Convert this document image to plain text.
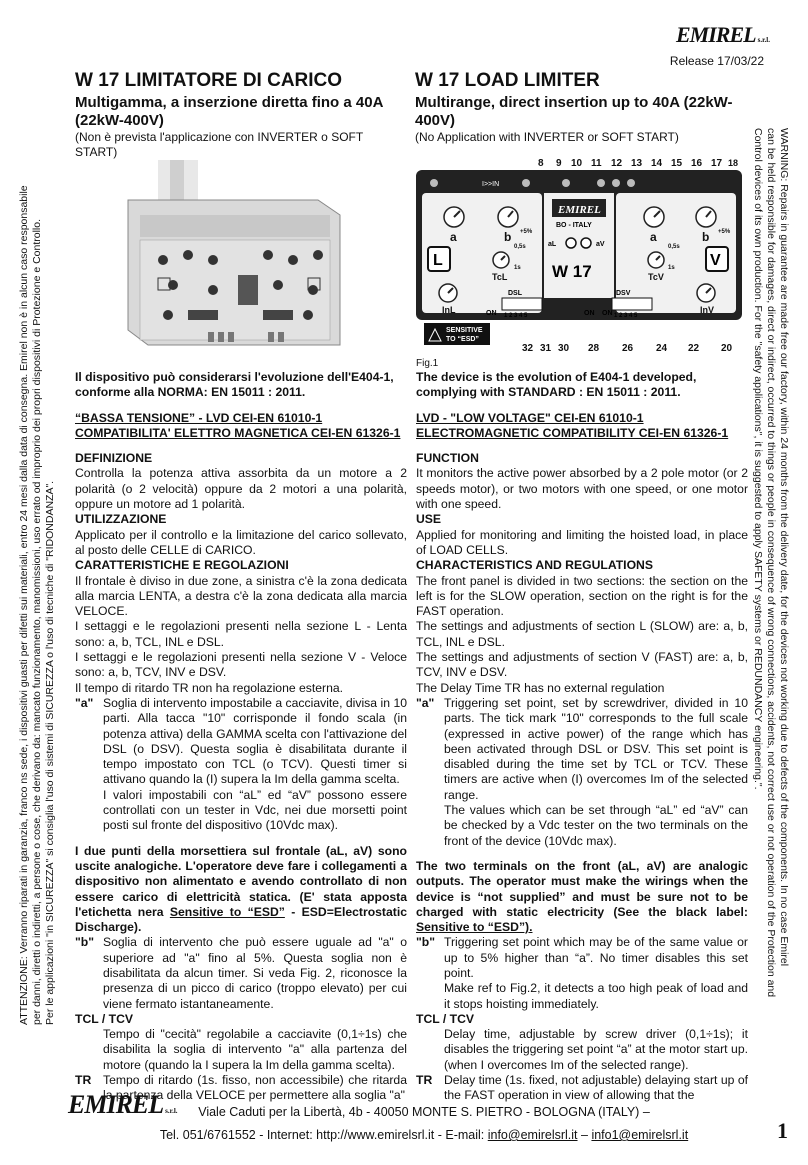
EMIREL s.r.l.
Release 17/03/22
W 17 LIMITATORE DI CARICO
Multigamma, a inserzione diretta fino a 40A (22kW-400V)
(Non è prevista l'applicazione con INVERTER o SOFT START)
W 17 LOAD LIMITER
Multirange, direct insertion up to 40A (22kW-400V)
(No Application with INVERTER or SOFT START)
8 9 10 11 12 13 14 15 16 17 18
I>>IN
a	b	a	b
TcL	TcV
InL	InV
+5%	+5%
0,5s	0,5s
1s	1s
L	V
EMIREL
BO - ITALY
aL	aV
W 17
DSL	DSV
ON	ON ON
1 2 3 4 5	1 2 3 4 5
SENSITIVE
TO “ESD”
32 31 30 28 26 24 22 20
Fig.1

Il dispositivo può considerarsi l'evoluzione dell'E404-1, conforme alla NORMA: EN 15011 : 2011.

“BASSA TENSIONE” - LVD CEI-EN 61010-1

COMPATIBILITA' ELETTRO MAGNETICA CEI-EN 61326-1

DEFINIZIONE

Controlla la potenza attiva assorbita da un motore a 2 polarità (o 2 velocità) oppure da 2 motori a una polarità, oppure un motore ad 1 polarità.

UTILIZZAZIONE

Applicato per il controllo e la limitazione del carico sollevato, al posto delle CELLE di CARICO.

CARATTERISTICHE E REGOLAZIONI

Il frontale è diviso in due zone, a sinistra c'è la zona dedicata alla marcia LENTA, a destra c'è la zona dedicata alla marcia VELOCE.

I settaggi e le regolazioni presenti nella sezione L - Lenta sono: a, b, TCL, INL e DSL.

I settaggi e le regolazioni presenti nella sezione V - Veloce sono: a, b, TCV, INV e DSV.

Il tempo di ritardo TR non ha regolazione esterna.

"a" Soglia di intervento impostabile a cacciavite, divisa in 10 parti. Alla tacca "10" corrisponde il fondo scala (in potenza attiva) della GAMMA scelta con l'attivazione del DSL (o DSV). Questa soglia è disabilitata durante il tempo impostato con TCL (o TCV). Questi timer si attivano quando la (I) supera la Im della gamma scelta.

I valori impostabili con “aL” ed “aV” possono essere controllati con un tester in Vdc, nei due morsetti point posti sul fronte del dispositivo (10Vdc max).

I due punti della morsettiera sul frontale (aL, aV) sono uscite analogiche. L'operatore deve fare i collegamenti a dispositivo non alimentato e avendo controllato di non essere carico di elettricità statica. (E' stata apposta l'etichetta nera Sensitive to “ESD” - ESD=Electrostatic Discharge).

"b" Soglia di intervento che può essere uguale ad "a" o superiore ad "a" fino al 5%. Questa soglia non è disabilitata da alcun timer. Si veda Fig. 2, riconosce la presenza di un picco di carico (troppo elevato) per cui viene fermato istantaneamente.

TCL / TCV

Tempo di "cecità" regolabile a cacciavite (0,1÷1s) che disabilita la soglia di intervento "a" alla partenza del motore (quando la I supera la Im della gamma scelta).

TR Tempo di ritardo (1s. fisso, non accessibile) che ritarda la partenza della VELOCE per permettere alla soglia "a"

The device is the evolution of E404-1 developed, complying with STANDARD : EN 15011 : 2011.

LVD - "LOW VOLTAGE" CEI-EN 61010-1

ELECTROMAGNETIC COMPATIBILITY CEI-EN 61326-1

FUNCTION

It monitors the active power absorbed by a 2 pole motor (or 2 speeds motor), or two motors with one speed, or one motor with one speed.

USE

Applied for monitoring and limiting the hoisted load, in place of LOAD CELLS.

CHARACTERISTICS AND REGULATIONS

The front panel is divided in two sections: the section on the left is for the SLOW operation, section on the right is for the FAST operation.

The settings and adjustments of section L (SLOW) are: a, b, TCL, INL e DSL.

The settings and adjustments of section V (FAST) are: a, b, TCV, INV e DSV.

The Delay Time TR has no external regulation

"a" Triggering set point, set by screwdriver, divided in 10 parts. The tick mark "10" corresponds to the full scale (expressed in active power) of the range which has been activated through DSL or DSV. This set point is disabled during the time set by TCL or TCV. These timers are active when (I) overcomes Im of the selected range.

The values which can be set through “aL” ed “aV” can be checked by a Vdc tester on the two terminals on the front of the device (10Vdc max).

The two terminals on the front (aL, aV) are analogic outputs. The operator must make the wirings when the device is “not supplied” and must be sure not to be charged with static electricity (See the black label: Sensitive to “ESD”).

"b" Triggering set point which may be of the same value or up to 5% higher than “a”. No timer disables this set point.

Make ref to Fig.2, it detects a too high peak of load and it stops hoisting immediately.

TCL / TCV

Delay time, adjustable by screw driver (0,1÷1s); it disables the triggering set point “a” at the motor start up. (when I overcomes Im of the selected range).

TR Delay time (1s. fixed, not adjustable) delaying start up of the FAST operation in view of allowing that the
ATTENZIONE: Verranno riparati in garanzia, franco ns sede, i dispositivi guasti per difetti sui materiali, entro 24 mesi dalla data di consegna. Emirel non è in alcun caso responsabile per danni, diretti o indiretti, a persone o cose, che derivano da: mancato funzionamento, manomissioni, uso errato od improprio dei propri dispositivi di Protezione e Controllo. Per le applicazioni "in SICUREZZA" si consiglia l'uso di sistemi di SICUREZZA o l'uso di tecniche di "RIDONDANZA".	WARNING: Repairs in guarantee are made free our factory, within 24 months from the delivery date, for the devices not working due to defects of the components. In no case Emirel
can be held responsible for damages, direct or indirect, occurred to things or people in consequence of wrong connections, accidents, not correct use or not operation of the Protection and
Control devices of its own production. For the "safety applications", it is suggested to apply SAFETY systems or REDUNDANCY engineering.".
EMIREL s.r.l.	Viale Caduti per la Libertà, 4b - 40050 MONTE S. PIETRO - BOLOGNA (ITALY) –
Tel. 051/6761552 - Internet: http://www.emirelsrl.it - E-mail: info@emirelsrl.it – info1@emirelsrl.it	1
